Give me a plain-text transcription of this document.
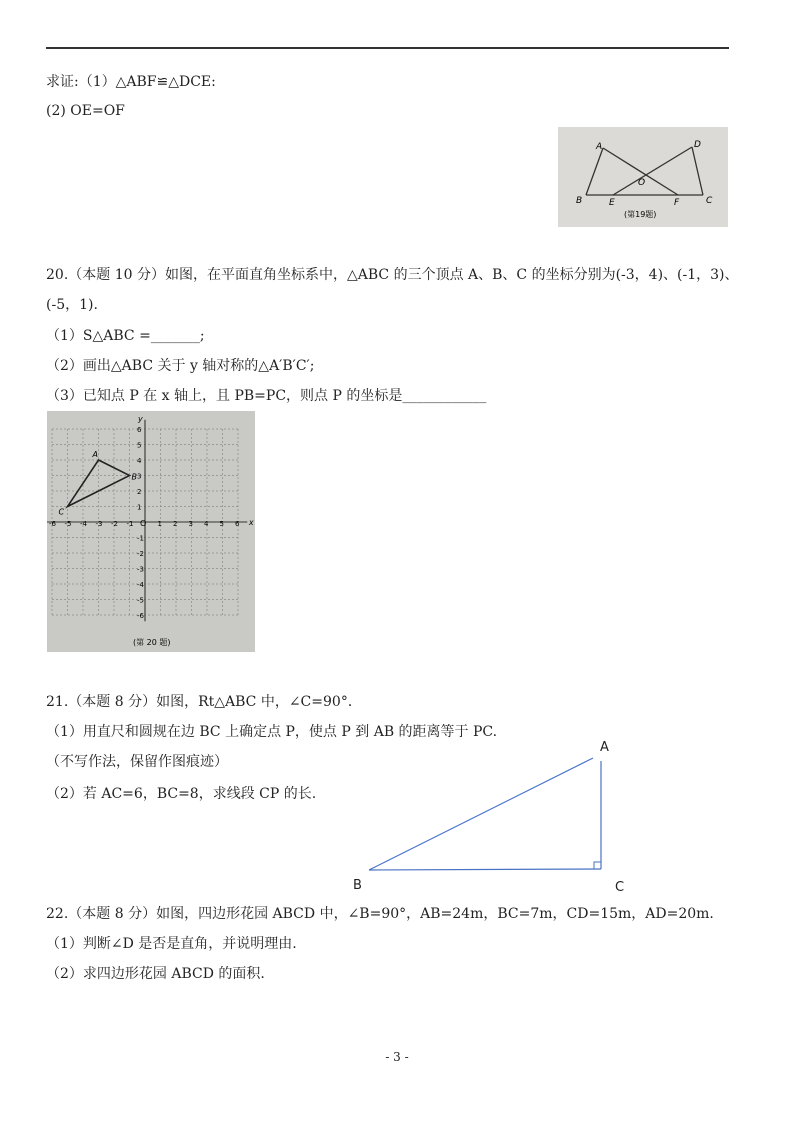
求证:（1）△ABF≌△DCE:
(2) OE=OF
A	D
O
B	E	F	C
(第19题)
20.（本题 10 分）如图，在平面直角坐标系中，△ABC 的三个顶点 A、B、C 的坐标分别为(-3，4)、(-1，3)、
(-5，1).
（1）S△ABC =_______;
（2）画出△ABC 关于 y 轴对称的△A′B′C′;
（3）已知点 P 在 x 轴上，且 PB=PC，则点 P 的坐标是____________
x
y
O
-6 -5 -4 -3 -2 -1	1 2 3 4 5 6
6
5
4
3
2
1
-1
-2
-3
-4
-5
-6
A
B
C
(第 20 题)
21.（本题 8 分）如图，Rt△ABC 中，∠C=90°．
（1）用直尺和圆规在边 BC 上确定点 P，使点 P 到 AB 的距离等于 PC.
（不写作法，保留作图痕迹）
（2）若 AC=6，BC=8，求线段 CP 的长.
A
B	C
22.（本题 8 分）如图，四边形花园 ABCD 中，∠B=90°，AB=24m，BC=7m，CD=15m，AD=20m.
（1）判断∠D 是否是直角，并说明理由.
（2）求四边形花园 ABCD 的面积.
- 3 -
